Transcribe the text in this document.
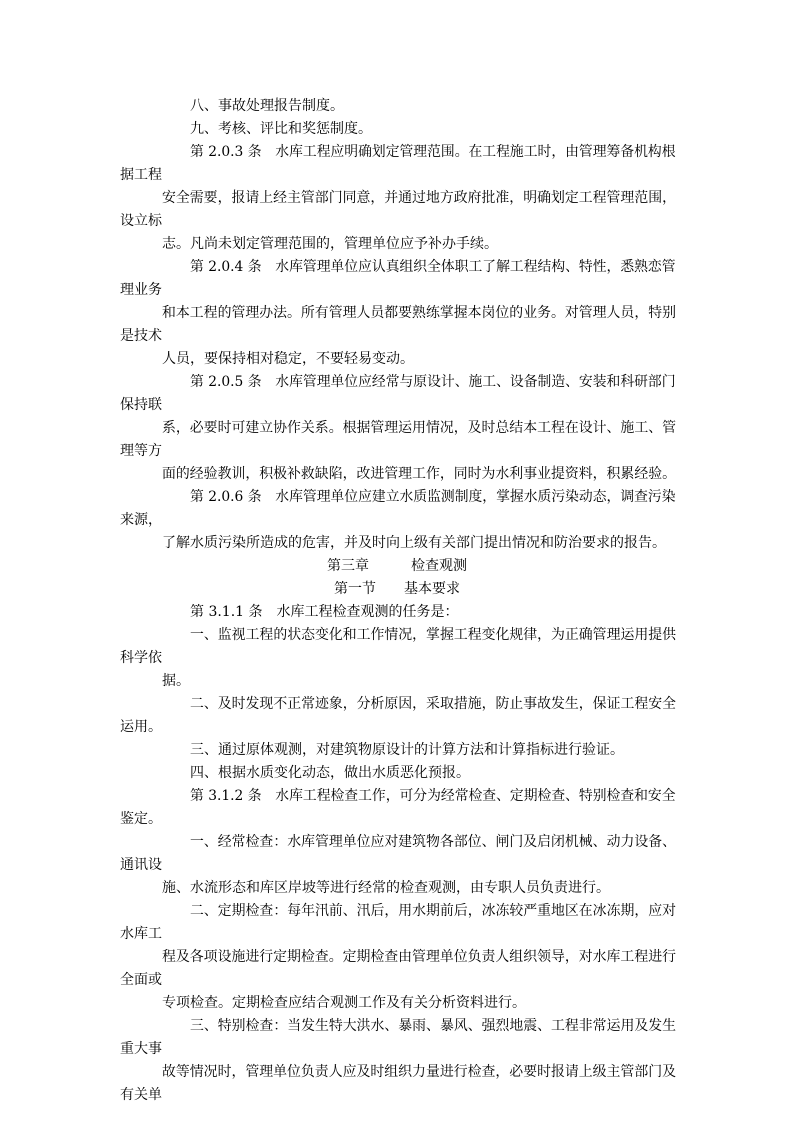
八、事故处理报告制度。
九、考核、评比和奖惩制度。
第 2.0.3 条　水库工程应明确划定管理范围。在工程施工时，由管理筹备机构根
据工程
安全需要，报请上经主管部门同意，并通过地方政府批准，明确划定工程管理范围，
设立标
志。凡尚未划定管理范围的，管理单位应予补办手续。
第 2.0.4 条　水库管理单位应认真组织全体职工了解工程结构、特性，悉熟恋管
理业务
和本工程的管理办法。所有管理人员都要熟练掌握本岗位的业务。对管理人员，特别
是技术
人员，要保持相对稳定，不要轻易变动。
第 2.0.5 条　水库管理单位应经常与原设计、施工、设备制造、安装和科研部门
保持联
系，必要时可建立协作关系。根据管理运用情况，及时总结本工程在设计、施工、管
理等方
面的经验教训，积极补救缺陷，改进管理工作，同时为水利事业提资料，积累经验。
第 2.0.6 条　水库管理单位应建立水质监测制度，掌握水质污染动态，调查污染
来源，
了解水质污染所造成的危害，并及时向上级有关部门提出情况和防治要求的报告。
第三章　　　检查观测
第一节　　基本要求
第 3.1.1 条　水库工程检查观测的任务是：
一、监视工程的状态变化和工作情况，掌握工程变化规律，为正确管理运用提供
科学依
据。
二、及时发现不正常迹象，分析原因，采取措施，防止事故发生，保证工程安全
运用。
三、通过原体观测，对建筑物原设计的计算方法和计算指标进行验证。
四、根据水质变化动态，做出水质恶化预报。
第 3.1.2 条　水库工程检查工作，可分为经常检查、定期检查、特别检查和安全
鉴定。
一、经常检查：水库管理单位应对建筑物各部位、闸门及启闭机械、动力设备、
通讯设
施、水流形态和库区岸坡等进行经常的检查观测，由专职人员负责进行。
二、定期检查：每年汛前、汛后，用水期前后，冰冻较严重地区在冰冻期，应对
水库工
程及各项设施进行定期检查。定期检查由管理单位负责人组织领导，对水库工程进行
全面或
专项检查。定期检查应结合观测工作及有关分析资料进行。
三、特别检查：当发生特大洪水、暴雨、暴风、强烈地震、工程非常运用及发生
重大事
故等情况时，管理单位负责人应及时组织力量进行检查，必要时报请上级主管部门及
有关单
